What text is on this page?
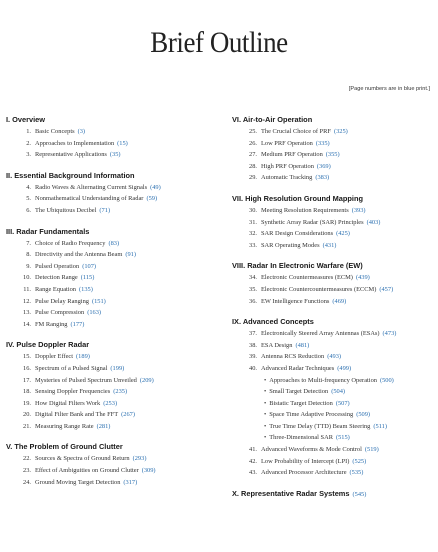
Brief Outline
[Page numbers are in blue print.]
I. Overview
1. Basic Concepts (3)
2. Approaches to Implementation (15)
3. Representative Applications (35)
II. Essential Background Information
4. Radio Waves & Alternating Current Signals (49)
5. Nonmathematical Understanding of Radar (59)
6. The Ubiquitous Decibel (71)
III. Radar Fundamentals
7. Choice of Radio Frequency (83)
8. Directivity and the Antenna Beam (91)
9. Pulsed Operation (107)
10. Detection Range (115)
11. Range Equation (135)
12. Pulse Delay Ranging (151)
13. Pulse Compression (163)
14. FM Ranging (177)
IV. Pulse Doppler Radar
15. Doppler Effect (189)
16. Spectrum of a Pulsed Signal (199)
17. Mysteries of Pulsed Spectrum Unveiled (209)
18. Sensing Doppler Frequencies (235)
19. How Digital Filters Work (253)
20. Digital Filter Bank and The FFT (267)
21. Measuring Range Rate (281)
V. The Problem of Ground Clutter
22. Sources & Spectra of Ground Return (293)
23. Effect of Ambiguities on Ground Clutter (309)
24. Ground Moving Target Detection (317)
VI. Air-to-Air Operation
25. The Crucial Choice of PRF (325)
26. Low PRF Operation (335)
27. Medium PRF Operation (355)
28. High PRF Operation (369)
29. Automatic Tracking (383)
VII. High Resolution Ground Mapping
30. Meeting Resolution Requirements (393)
31. Synthetic Array Radar (SAR) Principles (403)
32. SAR Design Considerations (425)
33. SAR Operating Modes (431)
VIII. Radar In Electronic Warfare (EW)
34. Electronic Countermeasures (ECM) (439)
35. Electronic Countercountermeasures (ECCM) (457)
36. EW Intelligence Functions (469)
IX. Advanced Concepts
37. Electronically Steered Array Antennas (ESAs) (473)
38. ESA Design (481)
39. Antenna RCS Reduction (493)
40. Advanced Radar Techniques (499)
• Approaches to Multi-frequency Operation (500)
• Small Target Detection (504)
• Bistatic Target Detection (507)
• Space Time Adaptive Processing (509)
• True Time Delay (TTD) Beam Steering (511)
• Three-Dimensional SAR (515)
41. Advanced Waveforms & Mode Control (519)
42. Low Probability of Intercept (LPI) (525)
43. Advanced Processor Architecture (535)
X. Representative Radar Systems (545)
